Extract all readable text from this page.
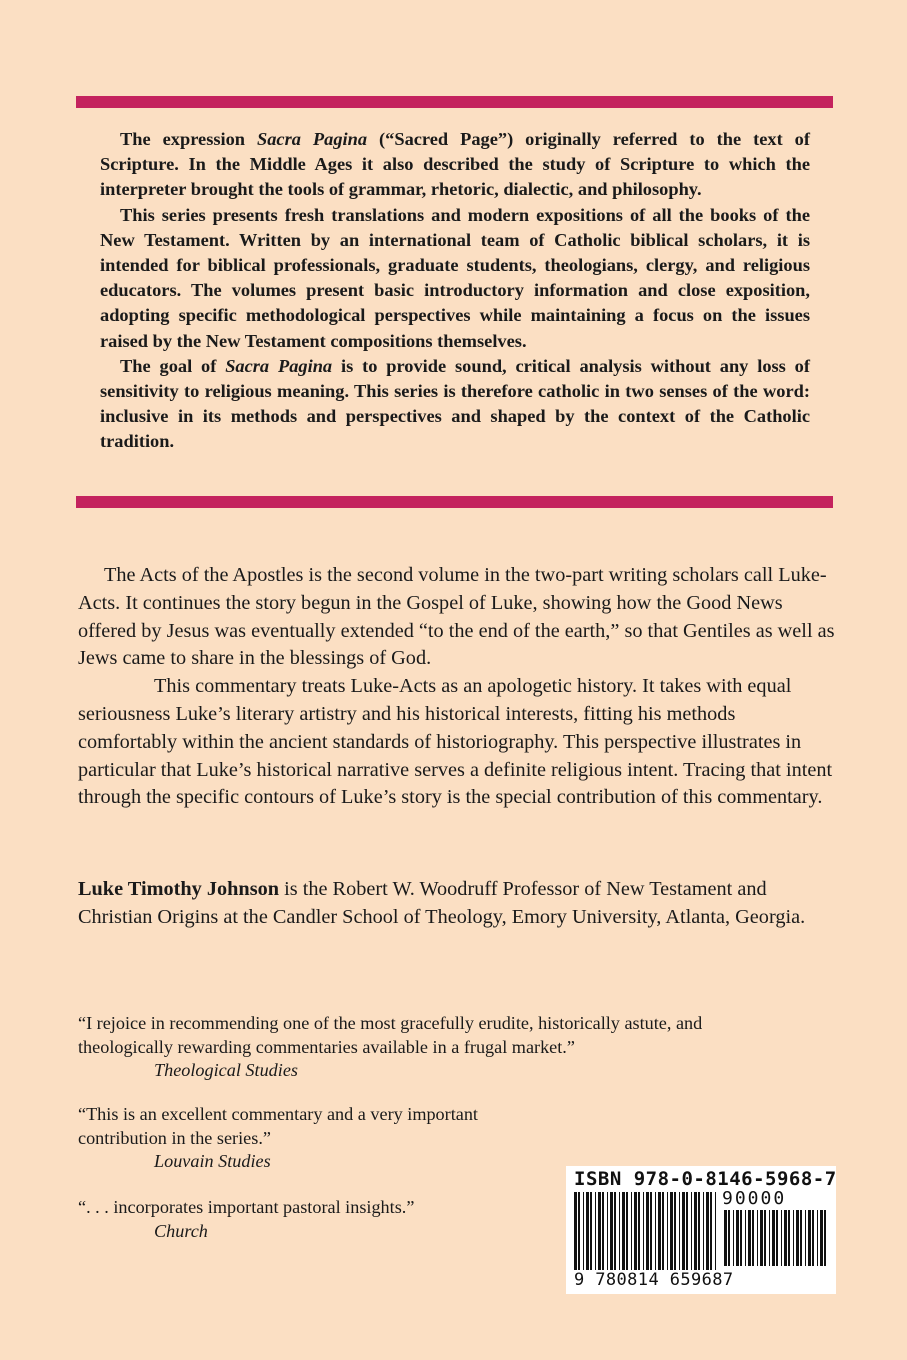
The expression Sacra Pagina (“Sacred Page”) originally referred to the text of Scripture. In the Middle Ages it also described the study of Scripture to which the interpreter brought the tools of grammar, rhetoric, dialectic, and philosophy.

This series presents fresh translations and modern expositions of all the books of the New Testament. Written by an international team of Catholic biblical scholars, it is intended for biblical professionals, graduate students, theologians, clergy, and religious educators. The volumes present basic introductory information and close exposition, adopting specific methodological perspectives while maintaining a focus on the issues raised by the New Testament compositions themselves.

The goal of Sacra Pagina is to provide sound, critical analysis without any loss of sensitivity to religious meaning. This series is therefore catholic in two senses of the word: inclusive in its methods and perspectives and shaped by the context of the Catholic tradition.

The Acts of the Apostles is the second volume in the two-part writing scholars call Luke-Acts. It continues the story begun in the Gospel of Luke, showing how the Good News offered by Jesus was eventually extended “to the end of the earth,” so that Gentiles as well as Jews came to share in the blessings of God.

This commentary treats Luke-Acts as an apologetic history. It takes with equal seriousness Luke’s literary artistry and his historical interests, fitting his methods comfortably within the ancient standards of historiography. This perspective illustrates in particular that Luke’s historical narrative serves a definite religious intent. Tracing that intent through the specific contours of Luke’s story is the special contribution of this commentary.

Luke Timothy Johnson is the Robert W. Woodruff Professor of New Testament and Christian Origins at the Candler School of Theology, Emory University, Atlanta, Georgia.

“I rejoice in recommending one of the most gracefully erudite, historically astute, and theologically rewarding commentaries available in a frugal market.”

Theological Studies

“This is an excellent commentary and a very important contribution in the series.”

Louvain Studies

“. . . incorporates important pastoral insights.”

Church

ISBN 978-0-8146-5968-7
90000
9 780814 659687
